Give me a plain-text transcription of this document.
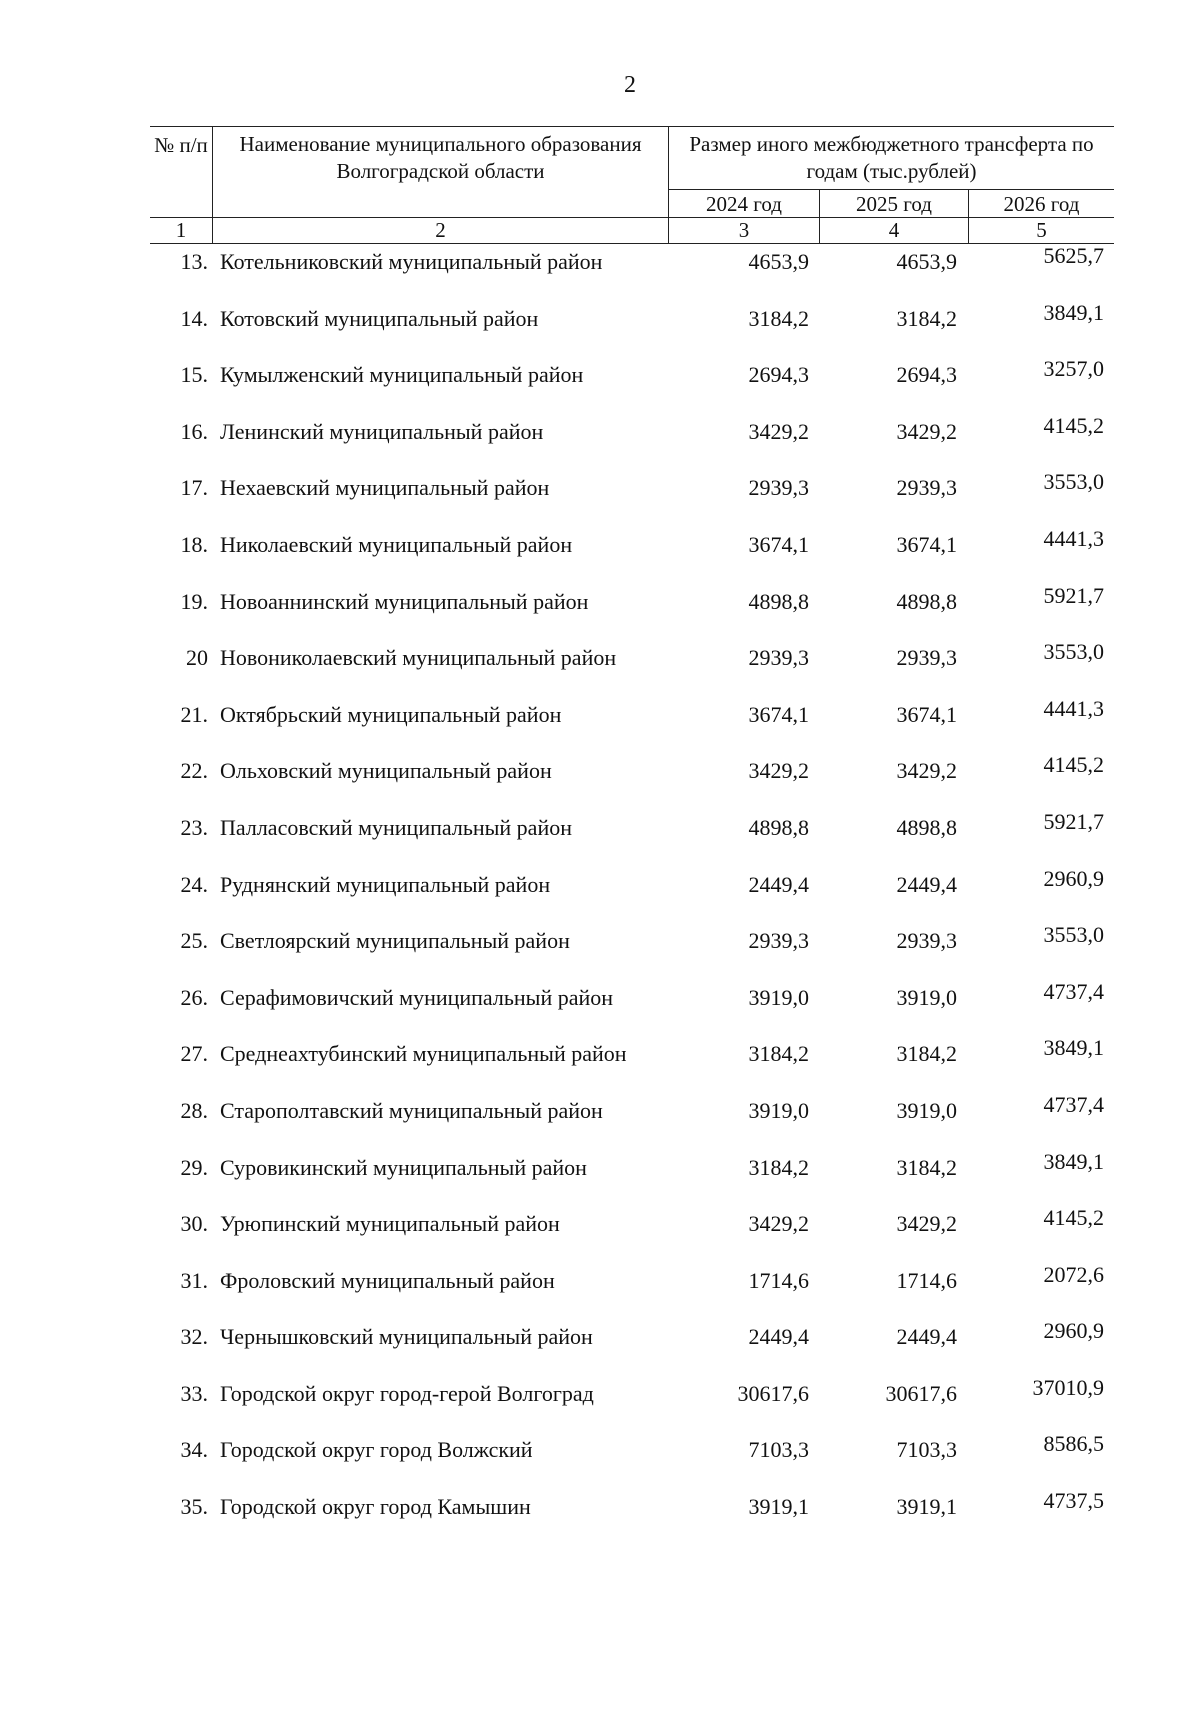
2
№ п/п	Наименование муниципального образования Волгоградской области
Размер иного межбюджетного трансферта по годам (тыс.рублей)
2024 год	2025 год	2026 год
1	2	3	4	5
13. Котельниковский муниципальный район	4653,9	4653,9	5625,7
14. Котовский муниципальный район	3184,2	3184,2	3849,1
15. Кумылженский муниципальный район	2694,3	2694,3	3257,0
16. Ленинский муниципальный район	3429,2	3429,2	4145,2
17. Нехаевский муниципальный район	2939,3	2939,3	3553,0
18. Николаевский муниципальный район	3674,1	3674,1	4441,3
19. Новоаннинский муниципальный район	4898,8	4898,8	5921,7
20 Новониколаевский муниципальный район	2939,3	2939,3	3553,0
21. Октябрьский муниципальный район	3674,1	3674,1	4441,3
22. Ольховский муниципальный район	3429,2	3429,2	4145,2
23. Палласовский муниципальный район	4898,8	4898,8	5921,7
24. Руднянский муниципальный район	2449,4	2449,4	2960,9
25. Светлоярский муниципальный район	2939,3	2939,3	3553,0
26. Серафимовичский муниципальный район	3919,0	3919,0	4737,4
27. Среднеахтубинский муниципальный район	3184,2	3184,2	3849,1
28. Старополтавский муниципальный район	3919,0	3919,0	4737,4
29. Суровикинский муниципальный район	3184,2	3184,2	3849,1
30. Урюпинский муниципальный район	3429,2	3429,2	4145,2
31. Фроловский муниципальный район	1714,6	1714,6	2072,6
32. Чернышковский муниципальный район	2449,4	2449,4	2960,9
33. Городской округ город-герой Волгоград	30617,6	30617,6	37010,9
34. Городской округ город Волжский	7103,3	7103,3	8586,5
35. Городской округ город Камышин	3919,1	3919,1	4737,5
